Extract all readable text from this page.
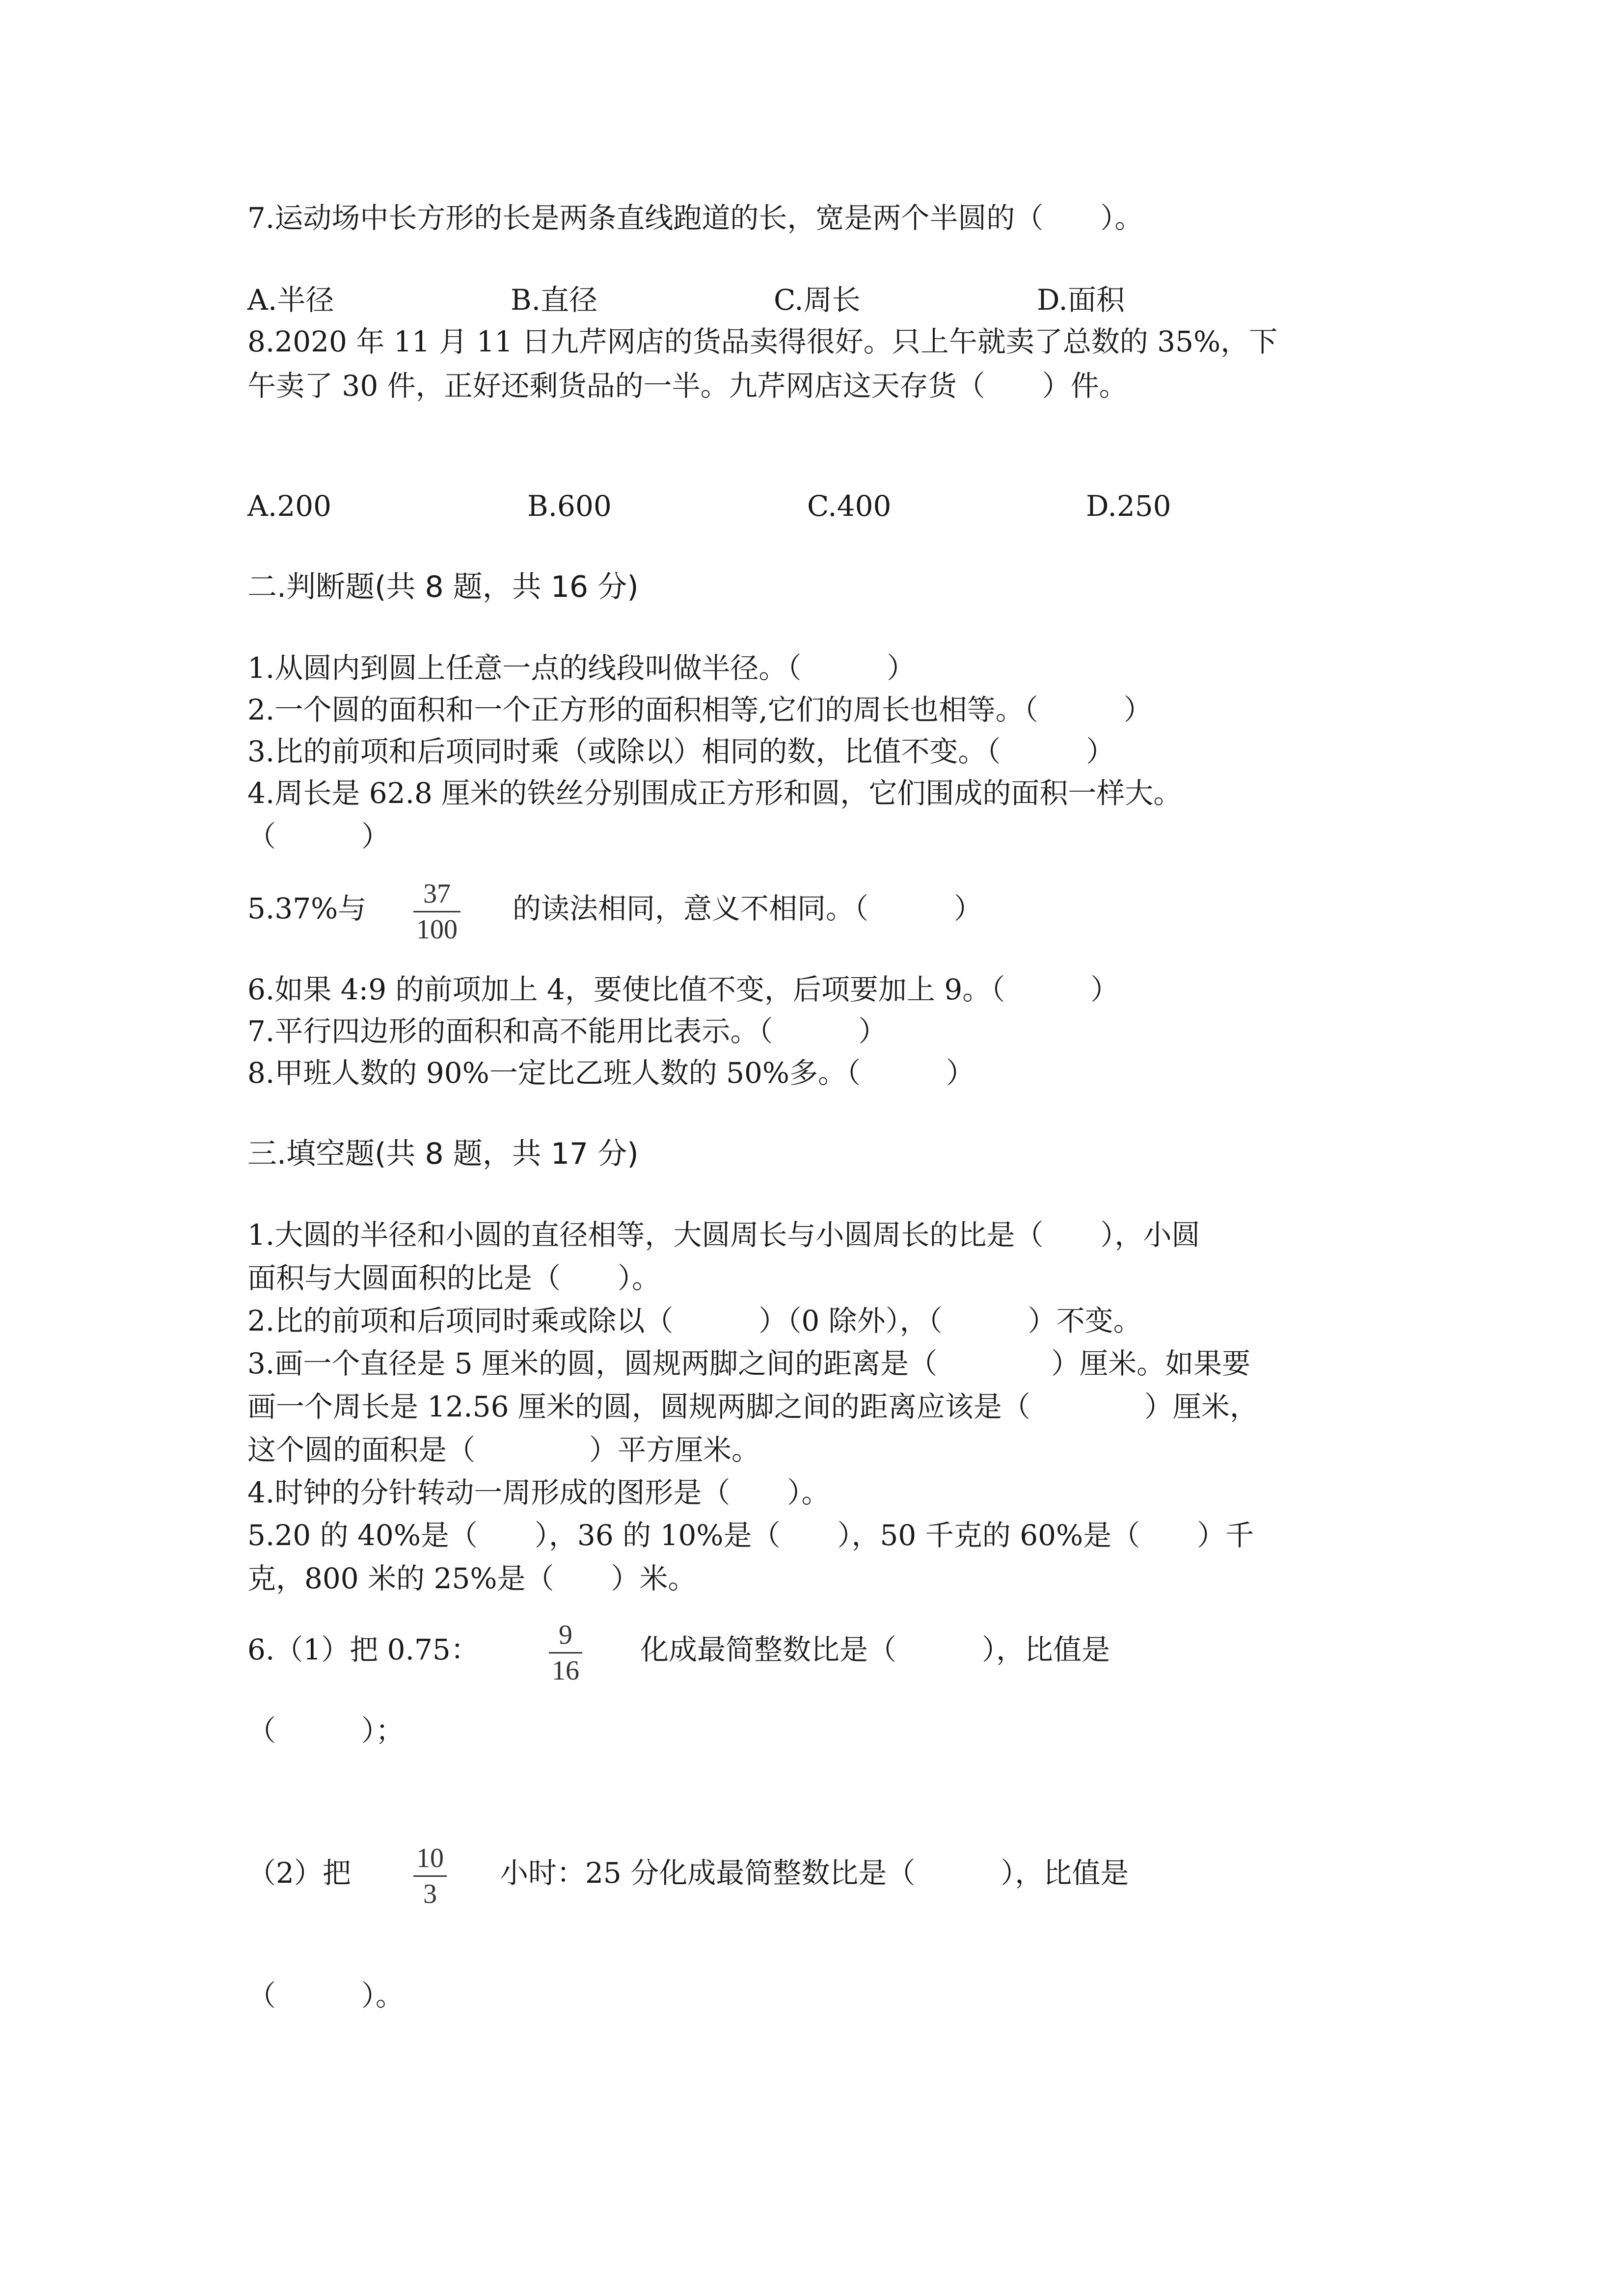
7.运动场中长方形的长是两条直线跑道的长，宽是两个半圆的（　　）。
A.半径	B.直径	C.周长	D.面积
8.2020 年 11 月 11 日九芹网店的货品卖得很好。只上午就卖了总数的 35%，下
午卖了 30 件，正好还剩货品的一半。九芹网店这天存货（　　）件。
A.200	B.600	C.400	D.250
二.判断题(共 8 题，共 16 分)
1.从圆内到圆上任意一点的线段叫做半径。（　　　）
2.一个圆的面积和一个正方形的面积相等,它们的周长也相等。（　　　）
3.比的前项和后项同时乘（或除以）相同的数，比值不变。（　　　）
4.周长是 62.8 厘米的铁丝分别围成正方形和圆，它们围成的面积一样大。
（　　　）
5.37%与 37
100
的读法相同，意义不相同。（　　　）
6.如果 4:9 的前项加上 4，要使比值不变，后项要加上 9。（　　　）
7.平行四边形的面积和高不能用比表示。（　　　）
8.甲班人数的 90%一定比乙班人数的 50%多。（　　　）
三.填空题(共 8 题，共 17 分)
1.大圆的半径和小圆的直径相等，大圆周长与小圆周长的比是（　　），小圆
面积与大圆面积的比是（　　）。
2.比的前项和后项同时乘或除以（　　　）（0 除外），（　　　）不变。
3.画一个直径是 5 厘米的圆，圆规两脚之间的距离是（　　　　）厘米。如果要
画一个周长是 12.56 厘米的圆，圆规两脚之间的距离应该是（　　　　）厘米，
这个圆的面积是（　　　　）平方厘米。
4.时钟的分针转动一周形成的图形是（　　）。
5.20 的 40%是（　　），36 的 10%是（　　），50 千克的 60%是（　　）千
克，800 米的 25%是（　　）米。
6.（1）把 0.75：	9
16
化成最简整数比是（　　　），比值是
（　　　）；
（2）把 10
3
小时：25 分化成最简整数比是（　　　），比值是
（　　　）。
